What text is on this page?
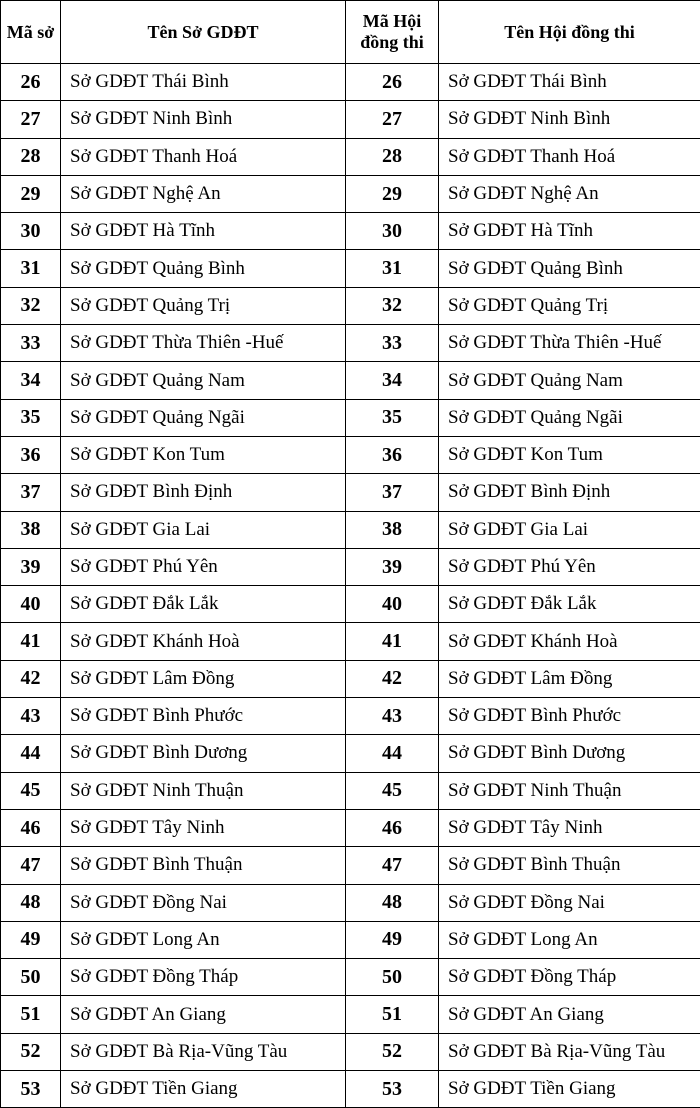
Mã sở	Tên Sở GDĐT	Mã Hội đồng thi	Tên Hội đồng thi
26	Sở GDĐT Thái Bình	26	Sở GDĐT Thái Bình
27	Sở GDĐT Ninh Bình	27	Sở GDĐT Ninh Bình
28	Sở GDĐT Thanh Hoá	28	Sở GDĐT Thanh Hoá
29	Sở GDĐT Nghệ An	29	Sở GDĐT Nghệ An
30	Sở GDĐT Hà Tĩnh	30	Sở GDĐT Hà Tĩnh
31	Sở GDĐT Quảng Bình	31	Sở GDĐT Quảng Bình
32	Sở GDĐT Quảng Trị	32	Sở GDĐT Quảng Trị
33	Sở GDĐT Thừa Thiên -Huế	33	Sở GDĐT Thừa Thiên -Huế
34	Sở GDĐT Quảng Nam	34	Sở GDĐT Quảng Nam
35	Sở GDĐT Quảng Ngãi	35	Sở GDĐT Quảng Ngãi
36	Sở GDĐT Kon Tum	36	Sở GDĐT Kon Tum
37	Sở GDĐT Bình Định	37	Sở GDĐT Bình Định
38	Sở GDĐT Gia Lai	38	Sở GDĐT Gia Lai
39	Sở GDĐT Phú Yên	39	Sở GDĐT Phú Yên
40	Sở GDĐT Đắk Lắk	40	Sở GDĐT Đắk Lắk
41	Sở GDĐT Khánh Hoà	41	Sở GDĐT Khánh Hoà
42	Sở GDĐT Lâm Đồng	42	Sở GDĐT Lâm Đồng
43	Sở GDĐT Bình Phước	43	Sở GDĐT Bình Phước
44	Sở GDĐT Bình Dương	44	Sở GDĐT Bình Dương
45	Sở GDĐT Ninh Thuận	45	Sở GDĐT Ninh Thuận
46	Sở GDĐT Tây Ninh	46	Sở GDĐT Tây Ninh
47	Sở GDĐT Bình Thuận	47	Sở GDĐT Bình Thuận
48	Sở GDĐT Đồng Nai	48	Sở GDĐT Đồng Nai
49	Sở GDĐT Long An	49	Sở GDĐT Long An
50	Sở GDĐT Đồng Tháp	50	Sở GDĐT Đồng Tháp
51	Sở GDĐT An Giang	51	Sở GDĐT An Giang
52	Sở GDĐT Bà Rịa-Vũng Tàu	52	Sở GDĐT Bà Rịa-Vũng Tàu
53	Sở GDĐT Tiền Giang	53	Sở GDĐT Tiền Giang
